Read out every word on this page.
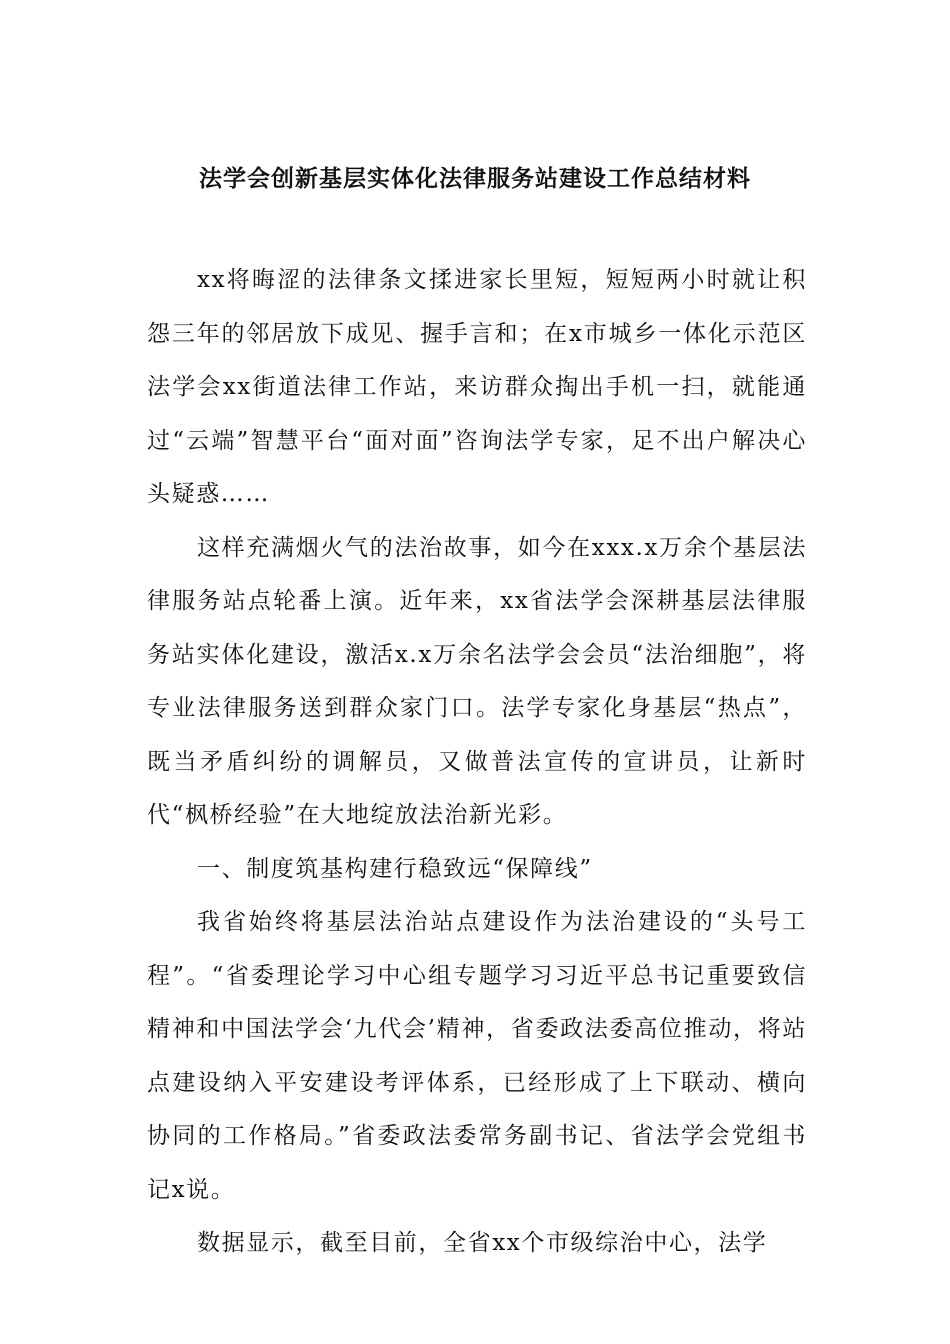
法学会创新基层实体化法律服务站建设工作总结材料

xx将晦涩的法律条文揉进家长里短，短短两小时就让积怨三年的邻居放下成见、握手言和；在x市城乡一体化示范区法学会xx街道法律工作站，来访群众掏出手机一扫，就能通过“云端”智慧平台“面对面”咨询法学专家，足不出户解决心头疑惑……

这样充满烟火气的法治故事，如今在xxx.x万余个基层法律服务站点轮番上演。近年来，xx省法学会深耕基层法律服务站实体化建设，激活x.x万余名法学会会员“法治细胞”，将专业法律服务送到群众家门口。法学专家化身基层“热点”，既当矛盾纠纷的调解员，又做普法宣传的宣讲员，让新时代“枫桥经验”在大地绽放法治新光彩。

一、制度筑基构建行稳致远“保障线”

我省始终将基层法治站点建设作为法治建设的“头号工程”。“省委理论学习中心组专题学习习近平总书记重要致信精神和中国法学会‘九代会’精神，省委政法委高位推动，将站点建设纳入平安建设考评体系，已经形成了上下联动、横向协同的工作格局。”省委政法委常务副书记、省法学会党组书记x说。

数据显示，截至目前，全省xx个市级综治中心，法学
